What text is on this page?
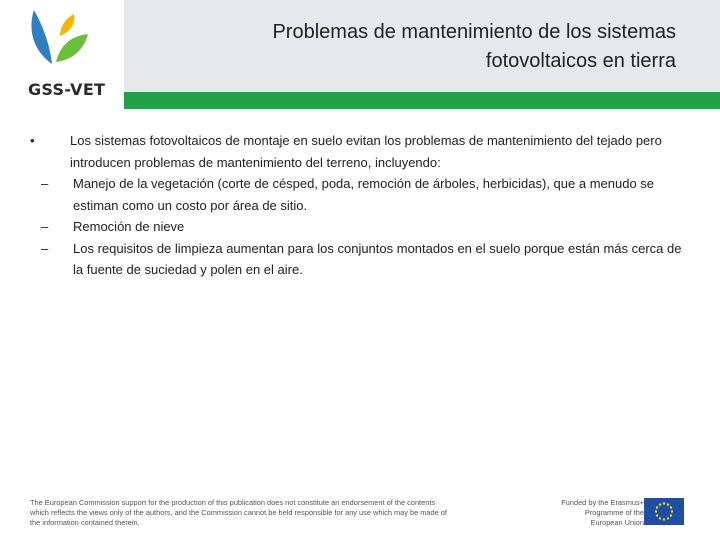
GSS-VET
Problemas de mantenimiento de los sistemas
fotovoltaicos en tierra
•	Los sistemas fotovoltaicos de montaje en suelo evitan los problemas de mantenimiento del tejado pero introducen problemas de mantenimiento del terreno, incluyendo:
– Manejo de la vegetación (corte de césped, poda, remoción de árboles, herbicidas), que a menudo se estiman como un costo por área de sitio.
– Remoción de nieve
– Los requisitos de limpieza aumentan para los conjuntos montados en el suelo porque están más cerca de la fuente de suciedad y polen en el aire.
The European Commission support for the production of this publication does not constitute an endorsement of the contents which reflects the views only of the authors, and the Commission cannot be held responsible for any use which may be made of the information contained therein.
Funded by the Erasmus+ Programme of the European Union
